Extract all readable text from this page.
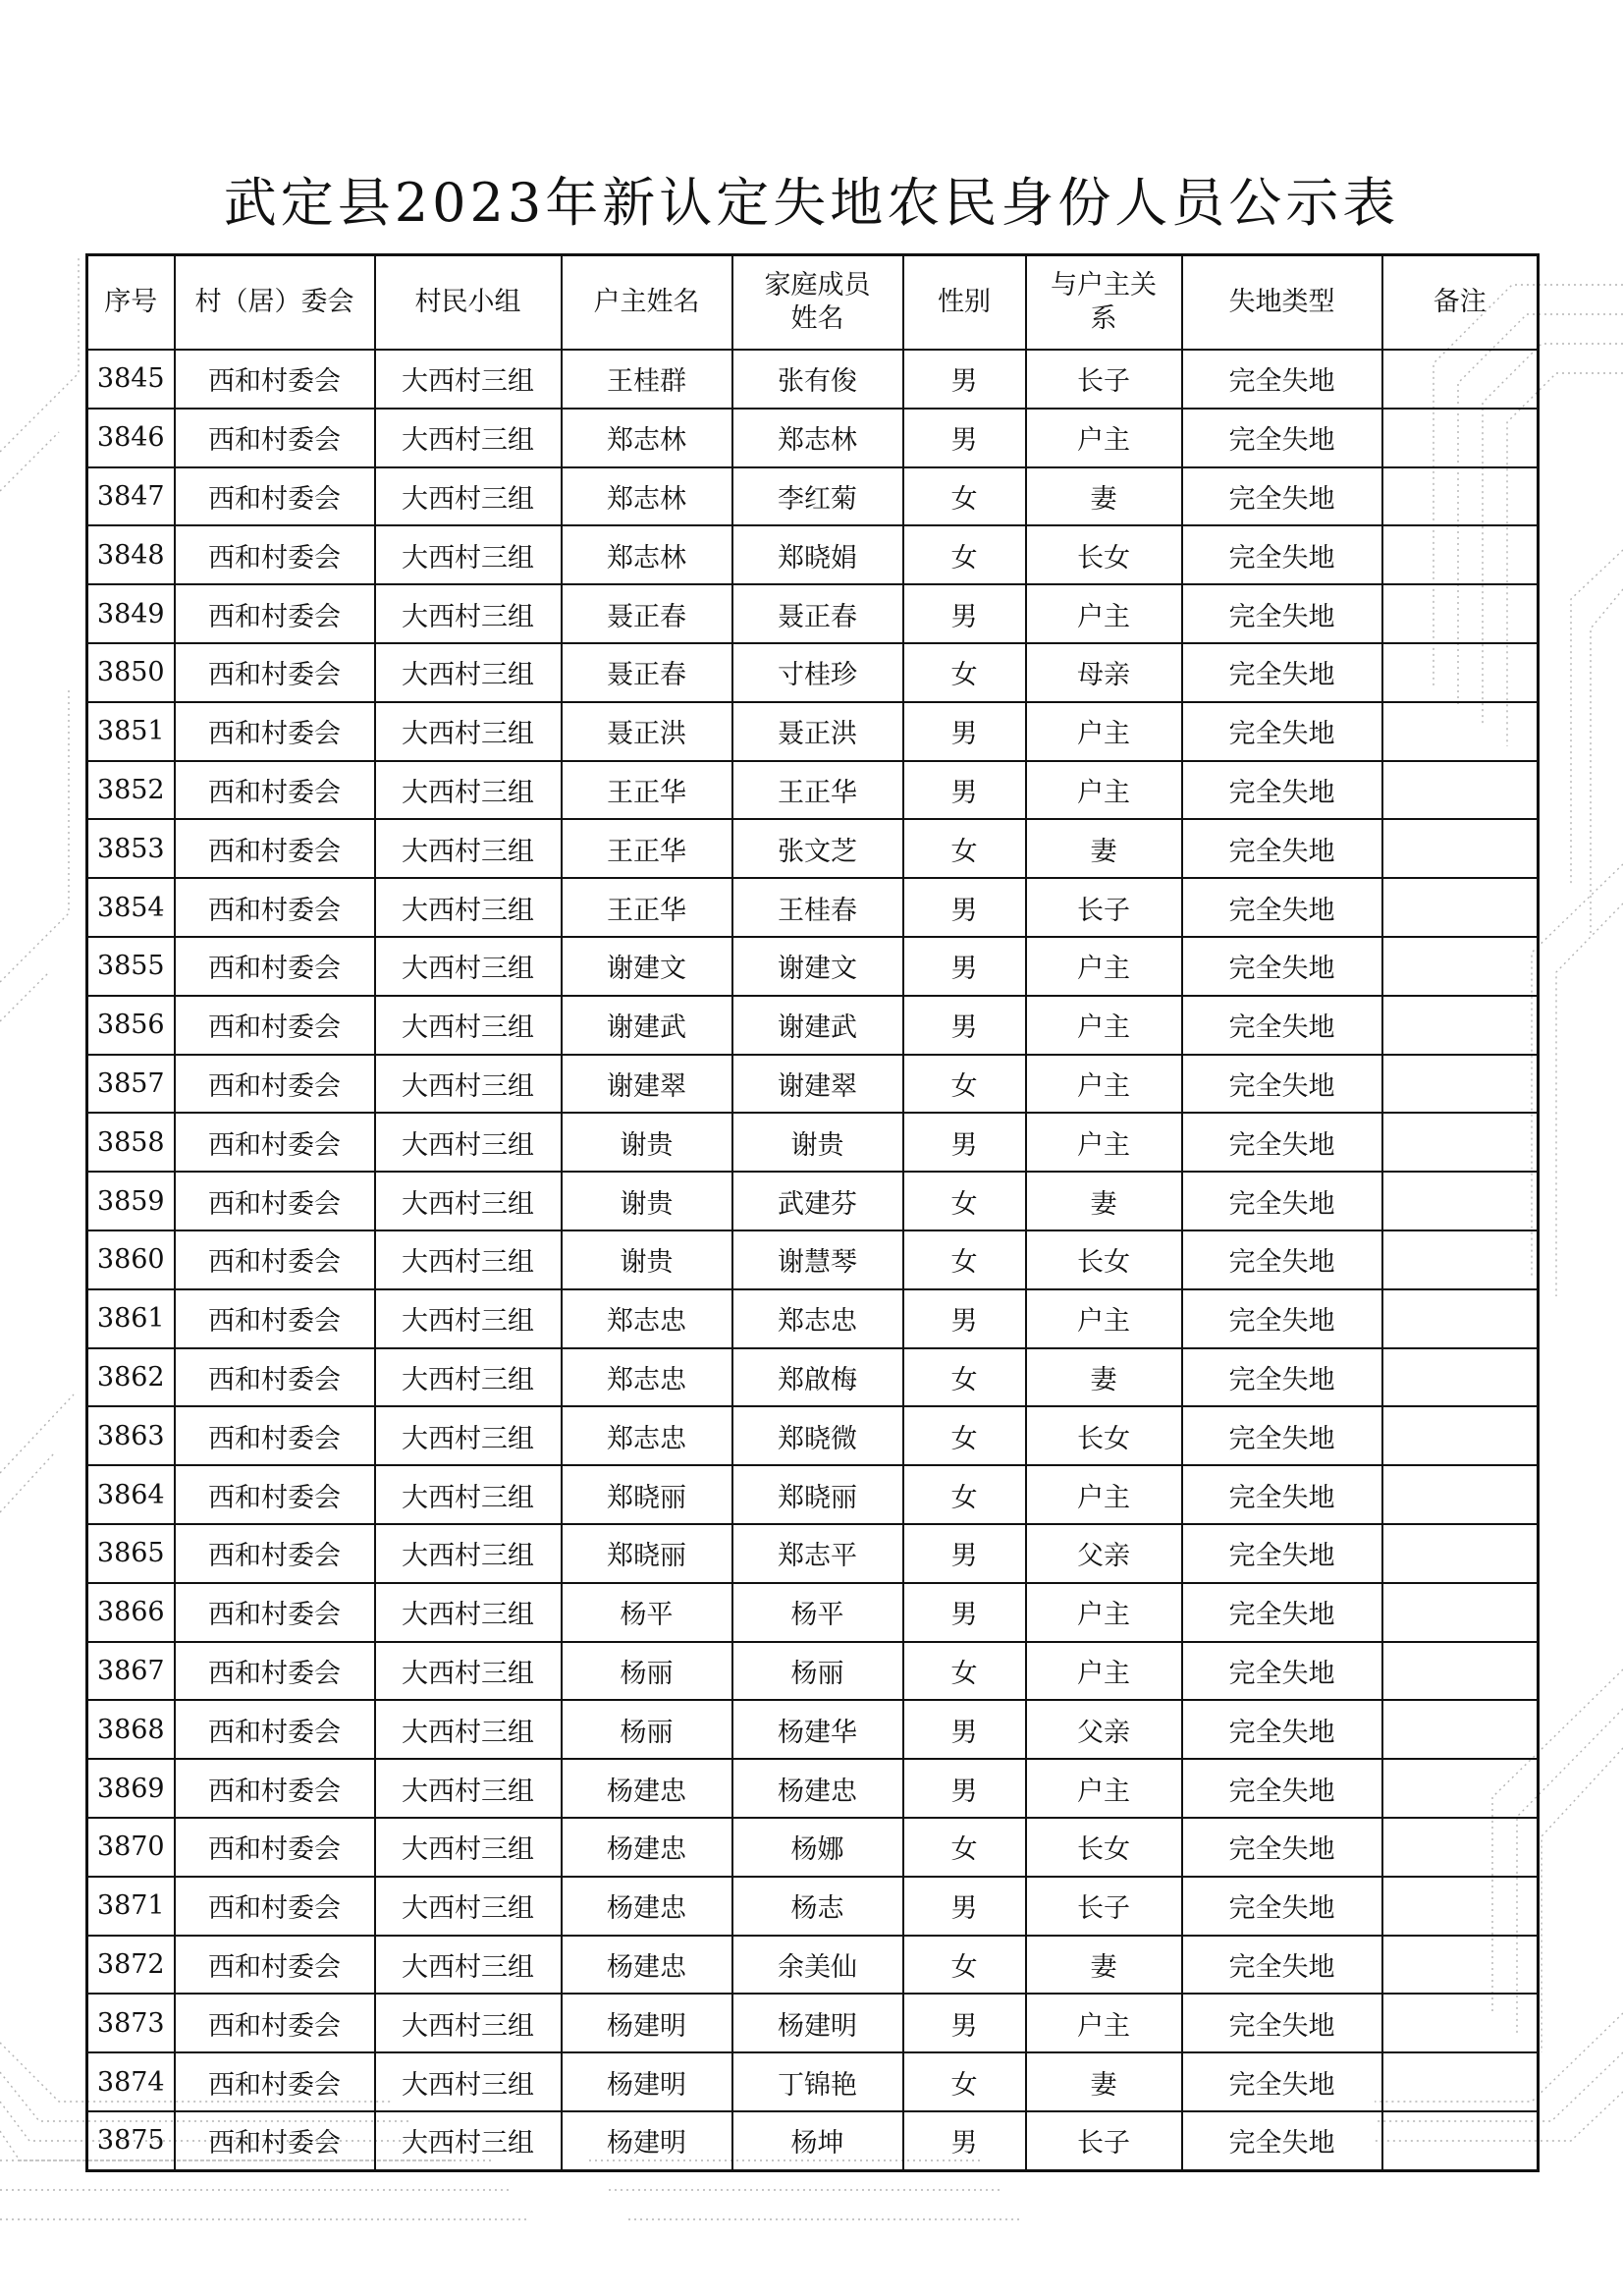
武定县2023年新认定失地农民身份人员公示表
序号	村（居）委会	村民小组	户主姓名	家庭成员姓名	性别	与户主关系	失地类型	备注
3845	西和村委会	大西村三组	王桂群	张有俊	男	长子	完全失地	
3846	西和村委会	大西村三组	郑志林	郑志林	男	户主	完全失地	
3847	西和村委会	大西村三组	郑志林	李红菊	女	妻	完全失地	
3848	西和村委会	大西村三组	郑志林	郑晓娟	女	长女	完全失地	
3849	西和村委会	大西村三组	聂正春	聂正春	男	户主	完全失地	
3850	西和村委会	大西村三组	聂正春	寸桂珍	女	母亲	完全失地	
3851	西和村委会	大西村三组	聂正洪	聂正洪	男	户主	完全失地	
3852	西和村委会	大西村三组	王正华	王正华	男	户主	完全失地	
3853	西和村委会	大西村三组	王正华	张文芝	女	妻	完全失地	
3854	西和村委会	大西村三组	王正华	王桂春	男	长子	完全失地	
3855	西和村委会	大西村三组	谢建文	谢建文	男	户主	完全失地	
3856	西和村委会	大西村三组	谢建武	谢建武	男	户主	完全失地	
3857	西和村委会	大西村三组	谢建翠	谢建翠	女	户主	完全失地	
3858	西和村委会	大西村三组	谢贵	谢贵	男	户主	完全失地	
3859	西和村委会	大西村三组	谢贵	武建芬	女	妻	完全失地	
3860	西和村委会	大西村三组	谢贵	谢慧琴	女	长女	完全失地	
3861	西和村委会	大西村三组	郑志忠	郑志忠	男	户主	完全失地	
3862	西和村委会	大西村三组	郑志忠	郑啟梅	女	妻	完全失地	
3863	西和村委会	大西村三组	郑志忠	郑晓微	女	长女	完全失地	
3864	西和村委会	大西村三组	郑晓丽	郑晓丽	女	户主	完全失地	
3865	西和村委会	大西村三组	郑晓丽	郑志平	男	父亲	完全失地	
3866	西和村委会	大西村三组	杨平	杨平	男	户主	完全失地	
3867	西和村委会	大西村三组	杨丽	杨丽	女	户主	完全失地	
3868	西和村委会	大西村三组	杨丽	杨建华	男	父亲	完全失地	
3869	西和村委会	大西村三组	杨建忠	杨建忠	男	户主	完全失地	
3870	西和村委会	大西村三组	杨建忠	杨娜	女	长女	完全失地	
3871	西和村委会	大西村三组	杨建忠	杨志	男	长子	完全失地	
3872	西和村委会	大西村三组	杨建忠	余美仙	女	妻	完全失地	
3873	西和村委会	大西村三组	杨建明	杨建明	男	户主	完全失地	
3874	西和村委会	大西村三组	杨建明	丁锦艳	女	妻	完全失地	
3875	西和村委会	大西村三组	杨建明	杨坤	男	长子	完全失地	
